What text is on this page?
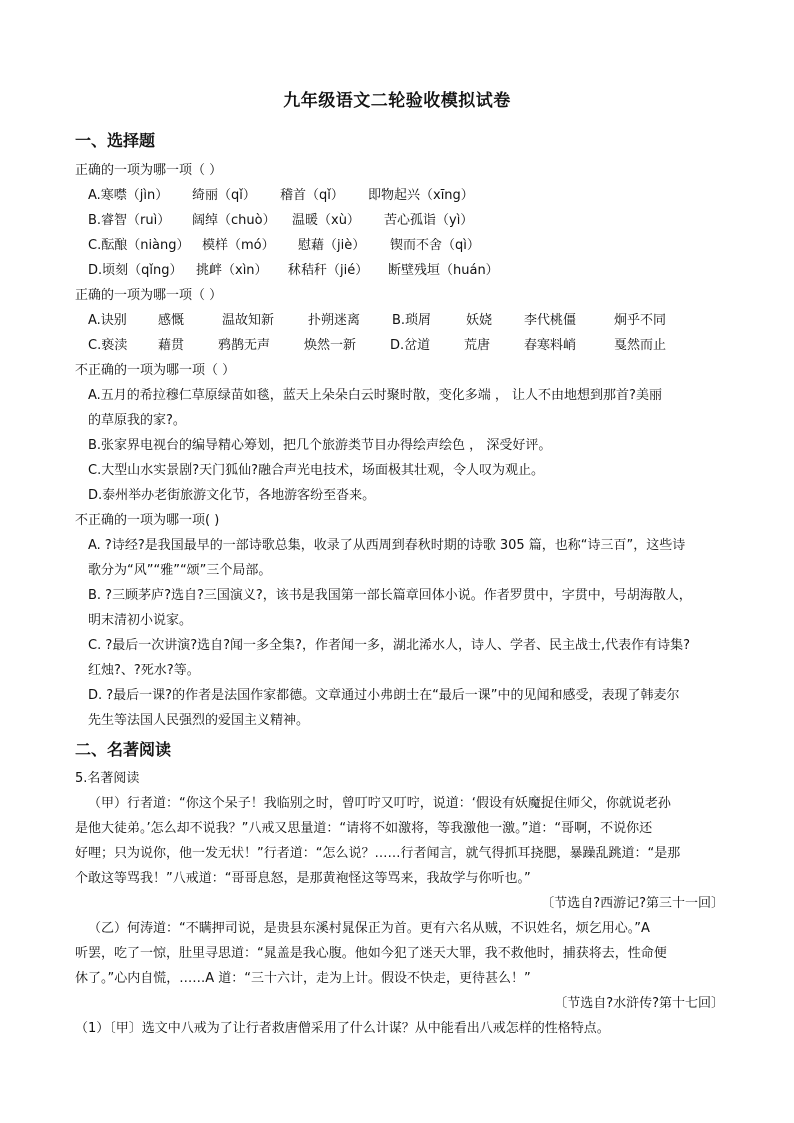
九年级语文二轮验收模拟试卷
一、选择题
正确的一项为哪一项（ ）
A.寒噤（jìn）	绮丽（qǐ）	稽首（qǐ）	即物起兴（xīng）
B.睿智（ruì）	阔绰（chuò）	温暖（xù）	苦心孤诣（yì）
C.酝酿（niàng） 模样（mó）	慰藉（jiè）	锲而不舍（qì）
D.顷刻（qǐng）	挑衅（xìn）	秫秸秆（jié）	断壁残垣（huán）
正确的一项为哪一项（ ）
A.诀别	感慨	温故知新	扑朔迷离	B.琐屑	妖娆	李代桃僵	炯乎不同
C.亵渎	藉贯	鸦鹊无声	焕然一新	D.岔道	荒唐	春寒料峭	戛然而止
不正确的一项为哪一项（ ）
A.五月的希拉穆仁草原绿苗如毯，蓝天上朵朵白云时聚时散，变化多端 ， 让人不由地想到那首?美丽
的草原我的家?。
B.张家界电视台的编导精心筹划，把几个旅游类节目办得绘声绘色 ， 深受好评。
C.大型山水实景剧?天门狐仙?融合声光电技术，场面极其壮观，令人叹为观止。
D.泰州举办老街旅游文化节，各地游客纷至沓来。
不正确的一项为哪一项( )
A. ?诗经?是我国最早的一部诗歌总集，收录了从西周到春秋时期的诗歌 305 篇，也称“诗三百”，这些诗
歌分为“风”“雅”“颂”三个局部。
B. ?三顾茅庐?选自?三国演义?，该书是我国第一部长篇章回体小说。作者罗贯中，字贯中，号胡海散人，
明末清初小说家。
C. ?最后一次讲演?选自?闻一多全集?，作者闻一多，湖北浠水人，诗人、学者、民主战士,代表作有诗集?
红烛?、?死水?等。
D. ?最后一课?的作者是法国作家都德。文章通过小弗朗士在“最后一课”中的见闻和感受，表现了韩麦尔
先生等法国人民强烈的爱国主义精神。
二、名著阅读
5.名著阅读
（甲）行者道：“你这个呆子！我临别之时，曾叮咛又叮咛，说道：‘假设有妖魔捉住师父，你就说老孙
是他大徒弟。’怎么却不说我？”八戒又思量道：“请将不如激将，等我激他一激。”道：“哥啊，不说你还
好哩；只为说你，他一发无状！”行者道：“怎么说？……行者闻言，就气得抓耳挠腮，暴躁乱跳道：“是那
个敢这等骂我！”八戒道：“哥哥息怒，是那黄袍怪这等骂来，我故学与你听也。”
〔节选自?西游记?第三十一回〕
（乙）何涛道：“不瞒押司说，是贵县东溪村晁保正为首。更有六名从贼，不识姓名，烦乞用心。”A
听罢，吃了一惊，肚里寻思道：“晁盖是我心腹。他如今犯了迷天大罪，我不救他时，捕获将去，性命便
休了。”心内自慌，……A 道：“三十六计，走为上计。假设不快走，更待甚么！”
〔节选自?水浒传?第十七回〕
（1）〔甲〕选文中八戒为了让行者救唐僧采用了什么计谋？从中能看出八戒怎样的性格特点。
